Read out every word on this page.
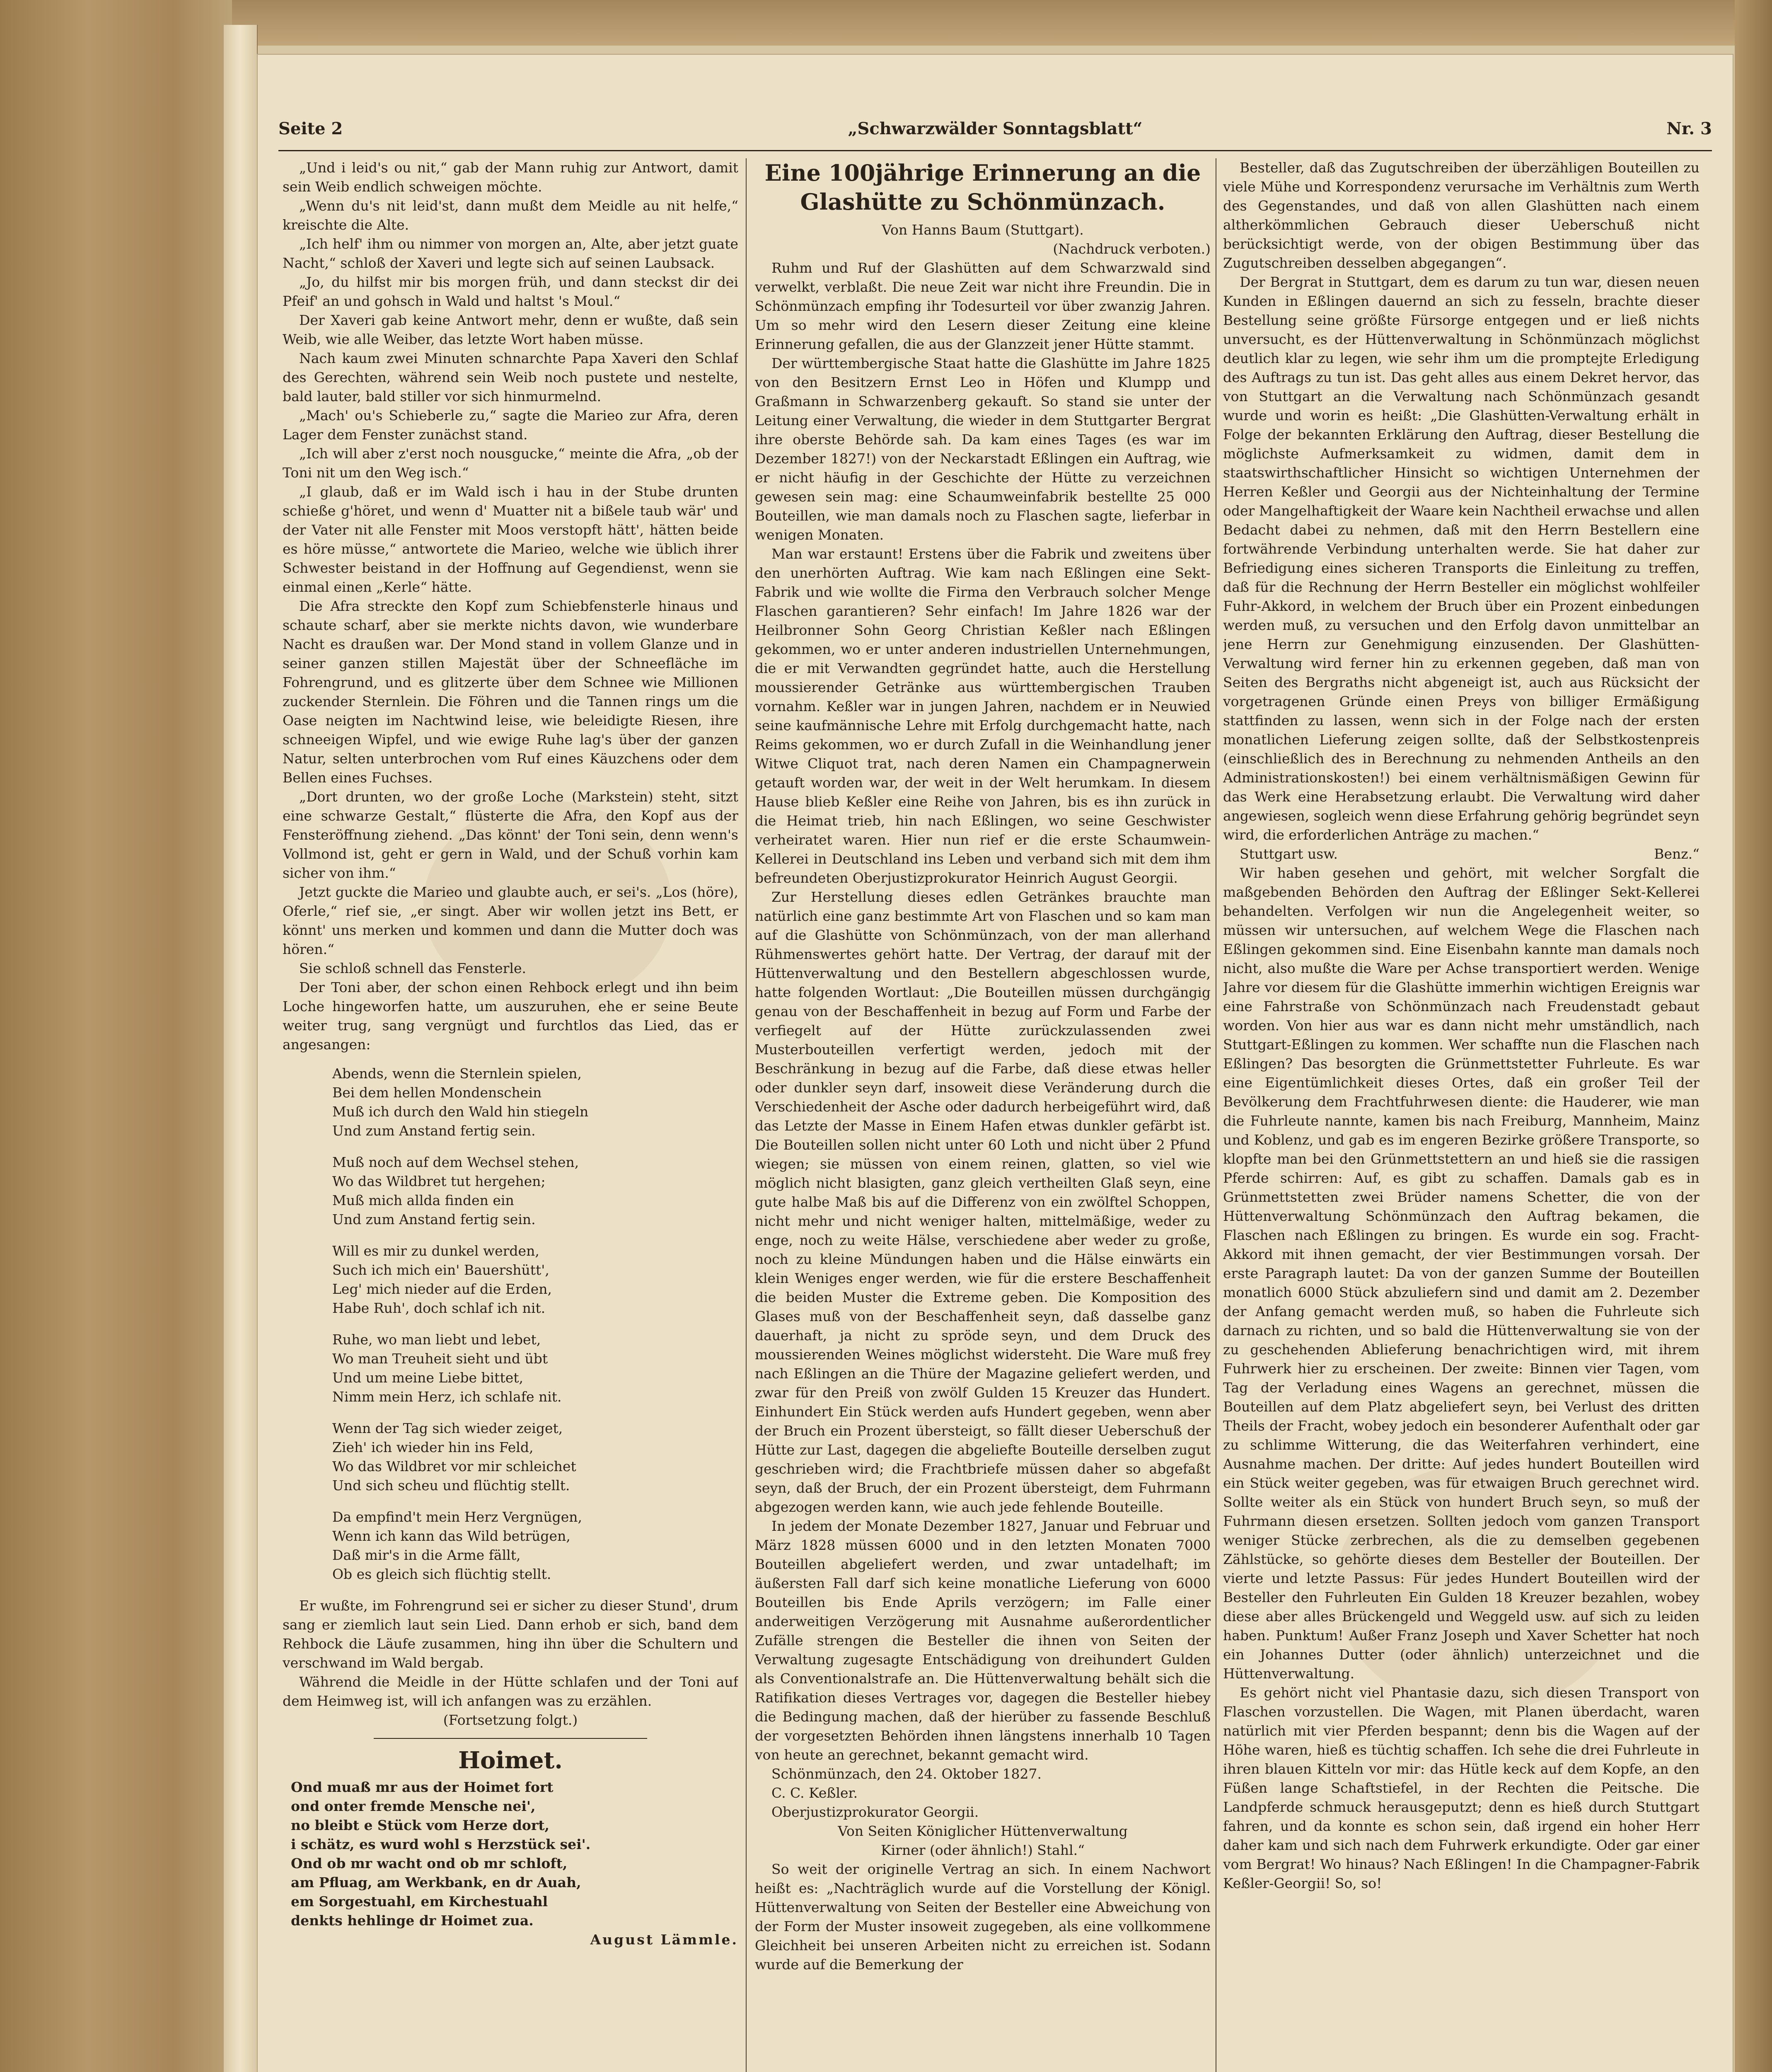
Seite 2	„Schwarzwälder Sonntagsblatt“	Nr. 3

„Und i leid's ou nit,“ gab der Mann ruhig zur Antwort, damit sein Weib endlich schweigen möchte.

„Wenn du's nit leid'st, dann mußt dem Meidle au nit helfe,“ kreischte die Alte.

„Ich helf' ihm ou nimmer von morgen an, Alte, aber jetzt guate Nacht,“ schloß der Xaveri und legte sich auf seinen Laubsack.

„Jo, du hilfst mir bis morgen früh, und dann steckst dir dei Pfeif' an und gohsch in Wald und haltst 's Moul.“

Der Xaveri gab keine Antwort mehr, denn er wußte, daß sein Weib, wie alle Weiber, das letzte Wort haben müsse.

Nach kaum zwei Minuten schnarchte Papa Xaveri den Schlaf des Gerechten, während sein Weib noch pustete und nestelte, bald lauter, bald stiller vor sich hinmurmelnd.

„Mach' ou's Schieberle zu,“ sagte die Marieo zur Afra, deren Lager dem Fenster zunächst stand.

„Ich will aber z'erst noch nousgucke,“ meinte die Afra, „ob der Toni nit um den Weg isch.“

„I glaub, daß er im Wald isch i hau in der Stube drunten schieße g'höret, und wenn d' Muatter nit a bißele taub wär' und der Vater nit alle Fenster mit Moos verstopft hätt', hätten beide es höre müsse,“ antwortete die Marieo, welche wie üblich ihrer Schwester beistand in der Hoffnung auf Gegendienst, wenn sie einmal einen „Kerle“ hätte.

Die Afra streckte den Kopf zum Schiebfensterle hinaus und schaute scharf, aber sie merkte nichts davon, wie wunderbare Nacht es draußen war. Der Mond stand in vollem Glanze und in seiner ganzen stillen Majestät über der Schneefläche im Fohrengrund, und es glitzerte über dem Schnee wie Millionen zuckender Sternlein. Die Föhren und die Tannen rings um die Oase neigten im Nachtwind leise, wie beleidigte Riesen, ihre schneeigen Wipfel, und wie ewige Ruhe lag's über der ganzen Natur, selten unterbrochen vom Ruf eines Käuzchens oder dem Bellen eines Fuchses.

„Dort drunten, wo der große Loche (Markstein) steht, sitzt eine schwarze Gestalt,“ flüsterte die Afra, den Kopf aus der Fensteröffnung ziehend. „Das könnt' der Toni sein, denn wenn's Vollmond ist, geht er gern in Wald, und der Schuß vorhin kam sicher von ihm.“

Jetzt guckte die Marieo und glaubte auch, er sei's. „Los (höre), Oferle,“ rief sie, „er singt. Aber wir wollen jetzt ins Bett, er könnt' uns merken und kommen und dann die Mutter doch was hören.“

Sie schloß schnell das Fensterle.

Der Toni aber, der schon einen Rehbock erlegt und ihn beim Loche hingeworfen hatte, um auszuruhen, ehe er seine Beute weiter trug, sang vergnügt und furchtlos das Lied, das er angesangen:

Abends, wenn die Sternlein spielen,
Bei dem hellen Mondenschein
Muß ich durch den Wald hin stiegeln
Und zum Anstand fertig sein.
Muß noch auf dem Wechsel stehen,
Wo das Wildbret tut hergehen;
Muß mich allda finden ein
Und zum Anstand fertig sein.
Will es mir zu dunkel werden,
Such ich mich ein' Bauershütt',
Leg' mich nieder auf die Erden,
Habe Ruh', doch schlaf ich nit.
Ruhe, wo man liebt und lebet,
Wo man Treuheit sieht und übt
Und um meine Liebe bittet,
Nimm mein Herz, ich schlafe nit.
Wenn der Tag sich wieder zeiget,
Zieh' ich wieder hin ins Feld,
Wo das Wildbret vor mir schleichet
Und sich scheu und flüchtig stellt.
Da empfind't mein Herz Vergnügen,
Wenn ich kann das Wild betrügen,
Daß mir's in die Arme fällt,
Ob es gleich sich flüchtig stellt.

Er wußte, im Fohrengrund sei er sicher zu dieser Stund', drum sang er ziemlich laut sein Lied. Dann erhob er sich, band dem Rehbock die Läufe zusammen, hing ihn über die Schultern und verschwand im Wald bergab.

Während die Meidle in der Hütte schlafen und der Toni auf dem Heimweg ist, will ich anfangen was zu erzählen.

(Fortsetzung folgt.)

Hoimet.
Ond muaß mr aus der Hoimet fort
ond onter fremde Mensche nei',
no bleibt e Stück vom Herze dort,
i schätz, es wurd wohl s Herzstück sei'.
Ond ob mr wacht ond ob mr schloft,
am Pfluag, am Werkbank, en dr Auah,
em Sorgestuahl, em Kirchestuahl
denkts hehlinge dr Hoimet zua.
August Lämmle.
Eine 100jährige Erinnerung an die Glashütte zu Schönmünzach.
Von Hanns Baum (Stuttgart).
(Nachdruck verboten.)

Ruhm und Ruf der Glashütten auf dem Schwarzwald sind verwelkt, verblaßt. Die neue Zeit war nicht ihre Freundin. Die in Schönmünzach empfing ihr Todesurteil vor über zwanzig Jahren. Um so mehr wird den Lesern dieser Zeitung eine kleine Erinnerung gefallen, die aus der Glanzzeit jener Hütte stammt.

Der württembergische Staat hatte die Glashütte im Jahre 1825 von den Besitzern Ernst Leo in Höfen und Klumpp und Graßmann in Schwarzenberg gekauft. So stand sie unter der Leitung einer Verwaltung, die wieder in dem Stuttgarter Bergrat ihre oberste Behörde sah. Da kam eines Tages (es war im Dezember 1827!) von der Neckarstadt Eßlingen ein Auftrag, wie er nicht häufig in der Geschichte der Hütte zu verzeichnen gewesen sein mag: eine Schaumweinfabrik bestellte 25 000 Bouteillen, wie man damals noch zu Flaschen sagte, lieferbar in wenigen Monaten.

Man war erstaunt! Erstens über die Fabrik und zweitens über den unerhörten Auftrag. Wie kam nach Eßlingen eine Sekt-Fabrik und wie wollte die Firma den Verbrauch solcher Menge Flaschen garantieren? Sehr einfach! Im Jahre 1826 war der Heilbronner Sohn Georg Christian Keßler nach Eßlingen gekommen, wo er unter anderen industriellen Unternehmungen, die er mit Verwandten gegründet hatte, auch die Herstellung moussierender Getränke aus württembergischen Trauben vornahm. Keßler war in jungen Jahren, nachdem er in Neuwied seine kaufmännische Lehre mit Erfolg durchgemacht hatte, nach Reims gekommen, wo er durch Zufall in die Weinhandlung jener Witwe Cliquot trat, nach deren Namen ein Champagnerwein getauft worden war, der weit in der Welt herumkam. In diesem Hause blieb Keßler eine Reihe von Jahren, bis es ihn zurück in die Heimat trieb, hin nach Eßlingen, wo seine Geschwister verheiratet waren. Hier nun rief er die erste Schaumwein-Kellerei in Deutschland ins Leben und verband sich mit dem ihm befreundeten Oberjustizprokurator Heinrich August Georgii.

Zur Herstellung dieses edlen Getränkes brauchte man natürlich eine ganz bestimmte Art von Flaschen und so kam man auf die Glashütte von Schönmünzach, von der man allerhand Rühmenswertes gehört hatte. Der Vertrag, der darauf mit der Hüttenverwaltung und den Bestellern abgeschlossen wurde, hatte folgenden Wortlaut: „Die Bouteillen müssen durchgängig genau von der Beschaffenheit in bezug auf Form und Farbe der verfiegelt auf der Hütte zurückzulassenden zwei Musterbouteillen verfertigt werden, jedoch mit der Beschränkung in bezug auf die Farbe, daß diese etwas heller oder dunkler seyn darf, insoweit diese Veränderung durch die Verschiedenheit der Asche oder dadurch herbeigeführt wird, daß das Letzte der Masse in Einem Hafen etwas dunkler gefärbt ist. Die Bouteillen sollen nicht unter 60 Loth und nicht über 2 Pfund wiegen; sie müssen von einem reinen, glatten, so viel wie möglich nicht blasigten, ganz gleich vertheilten Glaß seyn, eine gute halbe Maß bis auf die Differenz von ein zwölftel Schoppen, nicht mehr und nicht weniger halten, mittelmäßige, weder zu enge, noch zu weite Hälse, verschiedene aber weder zu große, noch zu kleine Mündungen haben und die Hälse einwärts ein klein Weniges enger werden, wie für die erstere Beschaffenheit die beiden Muster die Extreme geben. Die Komposition des Glases muß von der Beschaffenheit seyn, daß dasselbe ganz dauerhaft, ja nicht zu spröde seyn, und dem Druck des moussierenden Weines möglichst widersteht. Die Ware muß frey nach Eßlingen an die Thüre der Magazine geliefert werden, und zwar für den Preiß von zwölf Gulden 15 Kreuzer das Hundert. Einhundert Ein Stück werden aufs Hundert gegeben, wenn aber der Bruch ein Prozent übersteigt, so fällt dieser Ueberschuß der Hütte zur Last, dagegen die abgeliefte Bouteille derselben zugut geschrieben wird; die Frachtbriefe müssen daher so abgefaßt seyn, daß der Bruch, der ein Prozent übersteigt, dem Fuhrmann abgezogen werden kann, wie auch jede fehlende Bouteille.

In jedem der Monate Dezember 1827, Januar und Februar und März 1828 müssen 6000 und in den letzten Monaten 7000 Bouteillen abgeliefert werden, und zwar untadelhaft; im äußersten Fall darf sich keine monatliche Lieferung von 6000 Bouteillen bis Ende Aprils verzögern; im Falle einer anderweitigen Verzögerung mit Ausnahme außerordentlicher Zufälle strengen die Besteller die ihnen von Seiten der Verwaltung zugesagte Entschädigung von dreihundert Gulden als Conventionalstrafe an. Die Hüttenverwaltung behält sich die Ratifikation dieses Vertrages vor, dagegen die Besteller hiebey die Bedingung machen, daß der hierüber zu fassende Beschluß der vorgesetzten Behörden ihnen längstens innerhalb 10 Tagen von heute an gerechnet, bekannt gemacht wird.

Schönmünzach, den 24. Oktober 1827.

C. C. Keßler.

Oberjustizprokurator Georgii.

Von Seiten Königlicher Hüttenverwaltung

Kirner (oder ähnlich!) Stahl.“

So weit der originelle Vertrag an sich. In einem Nachwort heißt es: „Nachträglich wurde auf die Vorstellung der Königl. Hüttenverwaltung von Seiten der Besteller eine Abweichung von der Form der Muster insoweit zugegeben, als eine vollkommene Gleichheit bei unseren Arbeiten nicht zu erreichen ist. Sodann wurde auf die Bemerkung der

Besteller, daß das Zugutschreiben der überzähligen Bouteillen zu viele Mühe und Korrespondenz verursache im Verhältnis zum Werth des Gegenstandes, und daß von allen Glashütten nach einem altherkömmlichen Gebrauch dieser Ueberschuß nicht berücksichtigt werde, von der obigen Bestimmung über das Zugutschreiben desselben abgegangen“.

Der Bergrat in Stuttgart, dem es darum zu tun war, diesen neuen Kunden in Eßlingen dauernd an sich zu fesseln, brachte dieser Bestellung seine größte Fürsorge entgegen und er ließ nichts unversucht, es der Hüttenverwaltung in Schönmünzach möglichst deutlich klar zu legen, wie sehr ihm um die promptejte Erledigung des Auftrags zu tun ist. Das geht alles aus einem Dekret hervor, das von Stuttgart an die Verwaltung nach Schönmünzach gesandt wurde und worin es heißt: „Die Glashütten-Verwaltung erhält in Folge der bekannten Erklärung den Auftrag, dieser Bestellung die möglichste Aufmerksamkeit zu widmen, damit dem in staatswirthschaftlicher Hinsicht so wichtigen Unternehmen der Herren Keßler und Georgii aus der Nichteinhaltung der Termine oder Mangelhaftigkeit der Waare kein Nachtheil erwachse und allen Bedacht dabei zu nehmen, daß mit den Herrn Bestellern eine fortwährende Verbindung unterhalten werde. Sie hat daher zur Befriedigung eines sicheren Transports die Einleitung zu treffen, daß für die Rechnung der Herrn Besteller ein möglichst wohlfeiler Fuhr-Akkord, in welchem der Bruch über ein Prozent einbedungen werden muß, zu versuchen und den Erfolg davon unmittelbar an jene Herrn zur Genehmigung einzusenden. Der Glashütten-Verwaltung wird ferner hin zu erkennen gegeben, daß man von Seiten des Bergraths nicht abgeneigt ist, auch aus Rücksicht der vorgetragenen Gründe einen Preys von billiger Ermäßigung stattfinden zu lassen, wenn sich in der Folge nach der ersten monatlichen Lieferung zeigen sollte, daß der Selbstkostenpreis (einschließlich des in Berechnung zu nehmenden Antheils an den Administrationskosten!) bei einem verhältnismäßigen Gewinn für das Werk eine Herabsetzung erlaubt. Die Verwaltung wird daher angewiesen, sogleich wenn diese Erfahrung gehörig begründet seyn wird, die erforderlichen Anträge zu machen.“

Stuttgart usw.	Benz.“

Wir haben gesehen und gehört, mit welcher Sorgfalt die maßgebenden Behörden den Auftrag der Eßlinger Sekt-Kellerei behandelten. Verfolgen wir nun die Angelegenheit weiter, so müssen wir untersuchen, auf welchem Wege die Flaschen nach Eßlingen gekommen sind. Eine Eisenbahn kannte man damals noch nicht, also mußte die Ware per Achse transportiert werden. Wenige Jahre vor diesem für die Glashütte immerhin wichtigen Ereignis war eine Fahrstraße von Schönmünzach nach Freudenstadt gebaut worden. Von hier aus war es dann nicht mehr umständlich, nach Stuttgart-Eßlingen zu kommen. Wer schaffte nun die Flaschen nach Eßlingen? Das besorgten die Grünmettstetter Fuhrleute. Es war eine Eigentümlichkeit dieses Ortes, daß ein großer Teil der Bevölkerung dem Frachtfuhrwesen diente: die Hauderer, wie man die Fuhrleute nannte, kamen bis nach Freiburg, Mannheim, Mainz und Koblenz, und gab es im engeren Bezirke größere Transporte, so klopfte man bei den Grünmettstettern an und hieß sie die rassigen Pferde schirren: Auf, es gibt zu schaffen. Damals gab es in Grünmettstetten zwei Brüder namens Schetter, die von der Hüttenverwaltung Schönmünzach den Auftrag bekamen, die Flaschen nach Eßlingen zu bringen. Es wurde ein sog. Fracht-Akkord mit ihnen gemacht, der vier Bestimmungen vorsah. Der erste Paragraph lautet: Da von der ganzen Summe der Bouteillen monatlich 6000 Stück abzuliefern sind und damit am 2. Dezember der Anfang gemacht werden muß, so haben die Fuhrleute sich darnach zu richten, und so bald die Hüttenverwaltung sie von der zu geschehenden Ablieferung benachrichtigen wird, mit ihrem Fuhrwerk hier zu erscheinen. Der zweite: Binnen vier Tagen, vom Tag der Verladung eines Wagens an gerechnet, müssen die Bouteillen auf dem Platz abgeliefert seyn, bei Verlust des dritten Theils der Fracht, wobey jedoch ein besonderer Aufenthalt oder gar zu schlimme Witterung, die das Weiterfahren verhindert, eine Ausnahme machen. Der dritte: Auf jedes hundert Bouteillen wird ein Stück weiter gegeben, was für etwaigen Bruch gerechnet wird. Sollte weiter als ein Stück von hundert Bruch seyn, so muß der Fuhrmann diesen ersetzen. Sollten jedoch vom ganzen Transport weniger Stücke zerbrechen, als die zu demselben gegebenen Zählstücke, so gehörte dieses dem Besteller der Bouteillen. Der vierte und letzte Passus: Für jedes Hundert Bouteillen wird der Besteller den Fuhrleuten Ein Gulden 18 Kreuzer bezahlen, wobey diese aber alles Brückengeld und Weggeld usw. auf sich zu leiden haben. Punktum! Außer Franz Joseph und Xaver Schetter hat noch ein Johannes Dutter (oder ähnlich) unterzeichnet und die Hüttenverwaltung.

Es gehört nicht viel Phantasie dazu, sich diesen Transport von Flaschen vorzustellen. Die Wagen, mit Planen überdacht, waren natürlich mit vier Pferden bespannt; denn bis die Wagen auf der Höhe waren, hieß es tüchtig schaffen. Ich sehe die drei Fuhrleute in ihren blauen Kitteln vor mir: das Hütle keck auf dem Kopfe, an den Füßen lange Schaftstiefel, in der Rechten die Peitsche. Die Landpferde schmuck herausgeputzt; denn es hieß durch Stuttgart fahren, und da konnte es schon sein, daß irgend ein hoher Herr daher kam und sich nach dem Fuhrwerk erkundigte. Oder gar einer vom Bergrat! Wo hinaus? Nach Eßlingen! In die Champagner-Fabrik Keßler-Georgii! So, so!
